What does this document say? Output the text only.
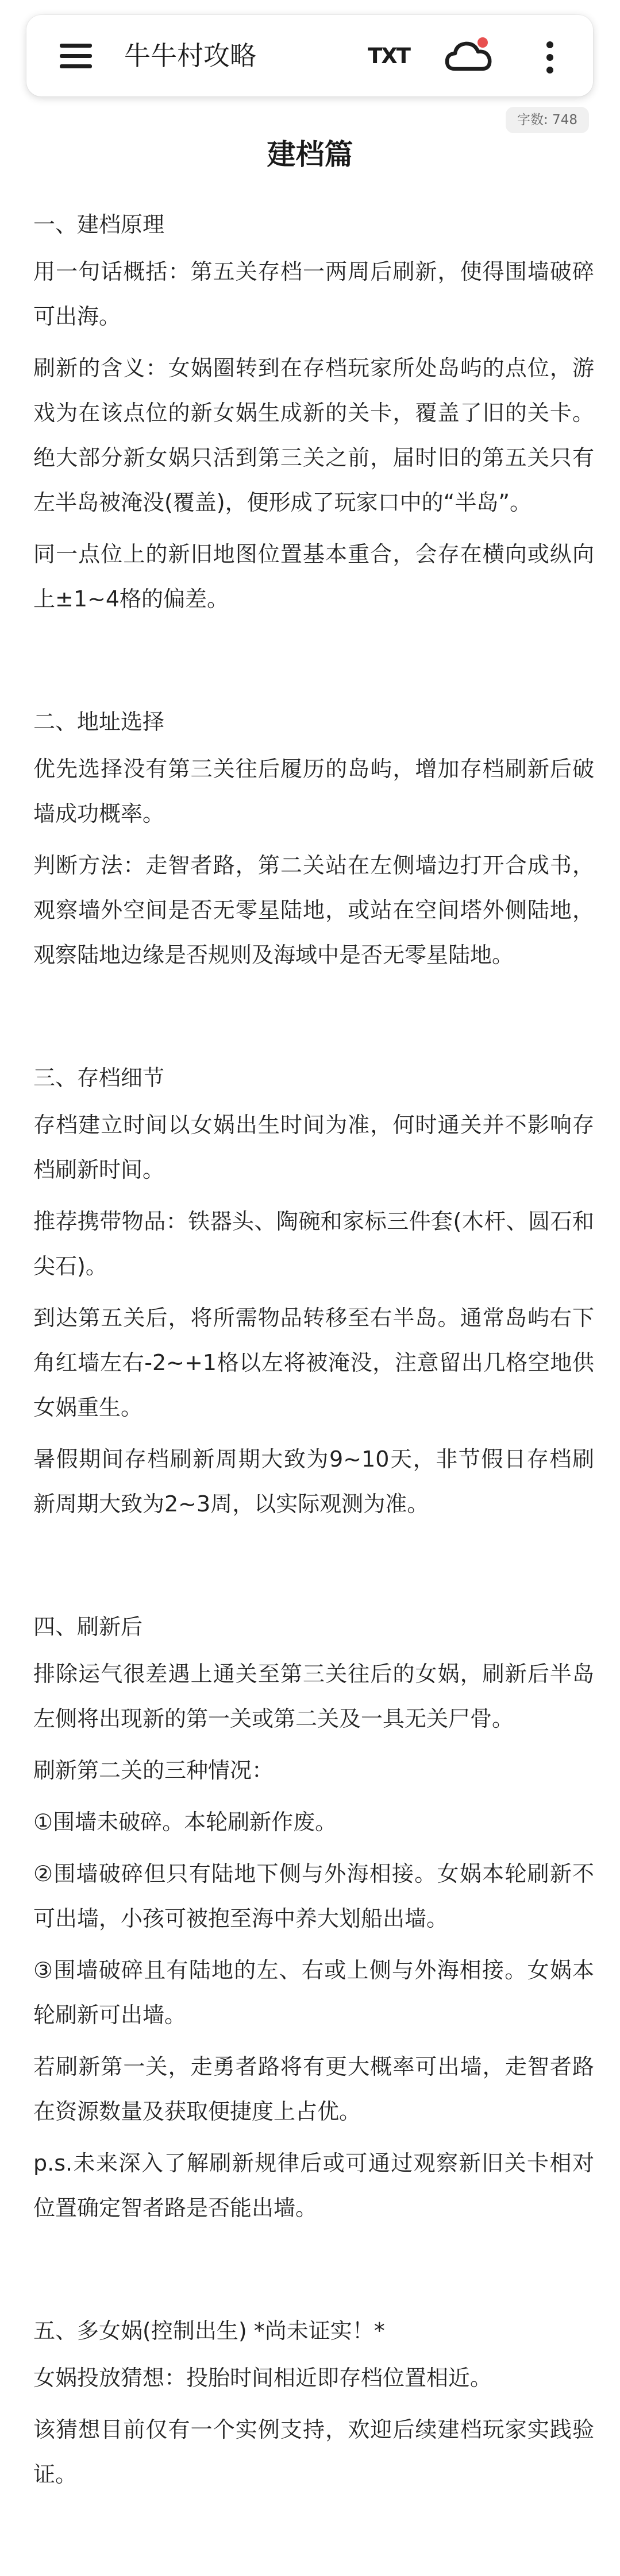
牛牛村攻略	TXT
字数: 748
建档篇
一、建档原理
用一句话概括：第五关存档一两周后刷新，使得围墙破碎可出海。
刷新的含义：女娲圈转到在存档玩家所处岛屿的点位，游戏为在该点位的新女娲生成新的关卡，覆盖了旧的关卡。绝大部分新女娲只活到第三关之前，届时旧的第五关只有左半岛被淹没(覆盖)，便形成了玩家口中的“半岛”。
同一点位上的新旧地图位置基本重合，会存在横向或纵向上±1~4格的偏差。
二、地址选择
优先选择没有第三关往后履历的岛屿，增加存档刷新后破墙成功概率。
判断方法：走智者路，第二关站在左侧墙边打开合成书，观察墙外空间是否无零星陆地，或站在空间塔外侧陆地，观察陆地边缘是否规则及海域中是否无零星陆地。
三、存档细节
存档建立时间以女娲出生时间为准，何时通关并不影响存档刷新时间。
推荐携带物品：铁器头、陶碗和家标三件套(木杆、圆石和尖石)。
到达第五关后，将所需物品转移至右半岛。通常岛屿右下角红墙左右-2~+1格以左将被淹没，注意留出几格空地供女娲重生。
暑假期间存档刷新周期大致为9~10天，非节假日存档刷新周期大致为2~3周，以实际观测为准。
四、刷新后
排除运气很差遇上通关至第三关往后的女娲，刷新后半岛左侧将出现新的第一关或第二关及一具无关尸骨。
刷新第二关的三种情况：
①围墙未破碎。本轮刷新作废。
②围墙破碎但只有陆地下侧与外海相接。女娲本轮刷新不可出墙，小孩可被抱至海中养大划船出墙。
③围墙破碎且有陆地的左、右或上侧与外海相接。女娲本轮刷新可出墙。
若刷新第一关，走勇者路将有更大概率可出墙，走智者路在资源数量及获取便捷度上占优。
p.s.未来深入了解刷新规律后或可通过观察新旧关卡相对位置确定智者路是否能出墙。
五、多女娲(控制出生) *尚未证实！*
女娲投放猜想：投胎时间相近即存档位置相近。
该猜想目前仅有一个实例支持，欢迎后续建档玩家实践验证。
